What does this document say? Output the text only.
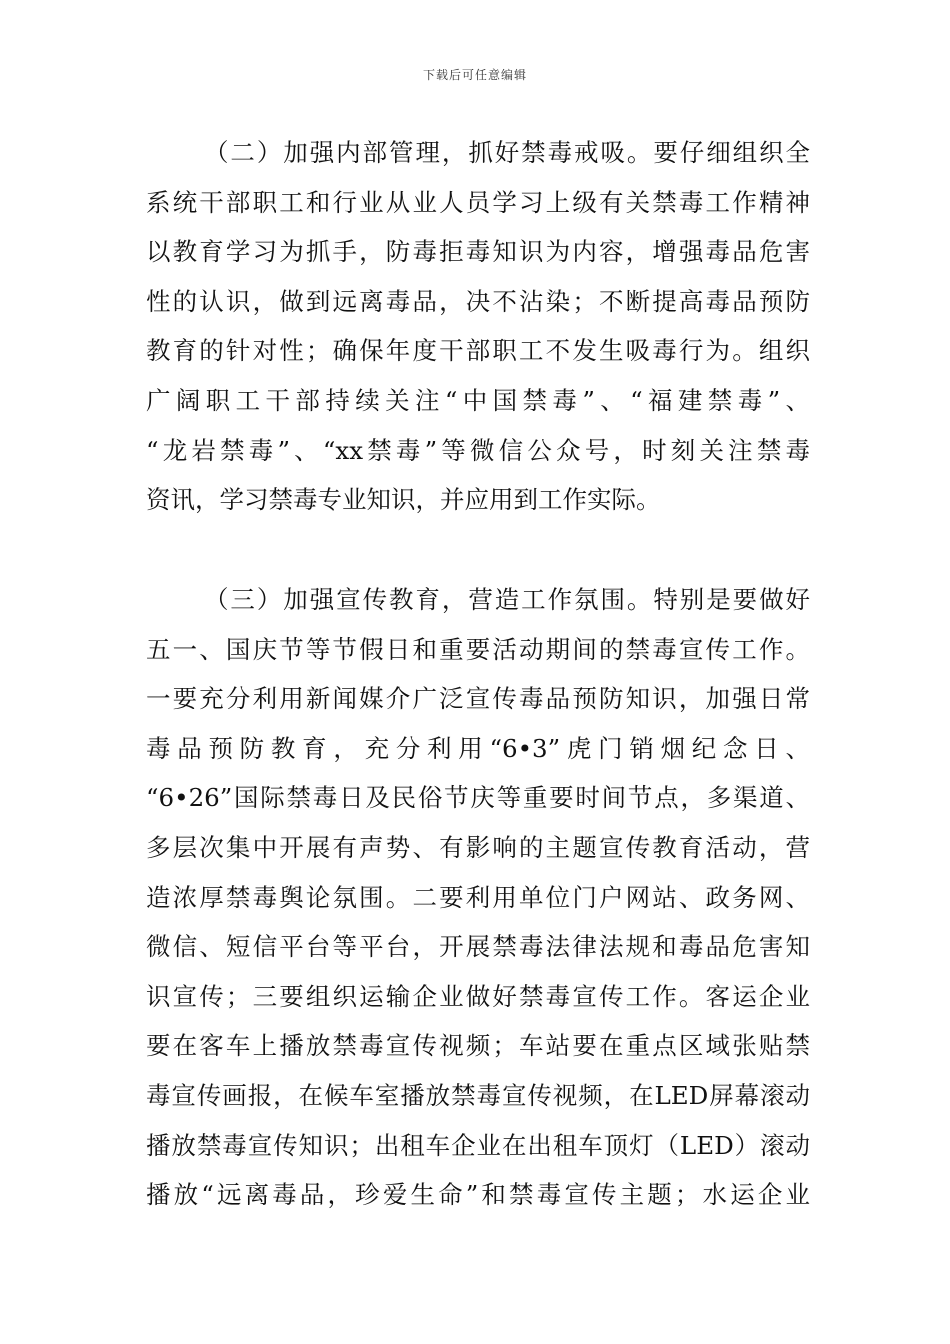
下载后可任意编辑
（二）加强内部管理，抓好禁毒戒吸。要仔细组织全
系统干部职工和行业从业人员学习上级有关禁毒工作精神
以教育学习为抓手，防毒拒毒知识为内容，增强毒品危害
性的认识，做到远离毒品，决不沾染；不断提高毒品预防
教育的针对性；确保年度干部职工不发生吸毒行为。组织
广阔职工干部持续关注“中国禁毒”、“福建禁毒”、
“龙岩禁毒”、“xx禁毒”等微信公众号，时刻关注禁毒
资讯，学习禁毒专业知识，并应用到工作实际。
（三）加强宣传教育，营造工作氛围。特别是要做好
五一、国庆节等节假日和重要活动期间的禁毒宣传工作。
一要充分利用新闻媒介广泛宣传毒品预防知识，加强日常
毒品预防教育，充分利用“6•3”虎门销烟纪念日、
“6•26”国际禁毒日及民俗节庆等重要时间节点，多渠道、
多层次集中开展有声势、有影响的主题宣传教育活动，营
造浓厚禁毒舆论氛围。二要利用单位门户网站、政务网、
微信、短信平台等平台，开展禁毒法律法规和毒品危害知
识宣传；三要组织运输企业做好禁毒宣传工作。客运企业
要在客车上播放禁毒宣传视频；车站要在重点区域张贴禁
毒宣传画报，在候车室播放禁毒宣传视频，在LED屏幕滚动
播放禁毒宣传知识；出租车企业在出租车顶灯（LED）滚动
播放“远离毒品，珍爱生命”和禁毒宣传主题；水运企业
